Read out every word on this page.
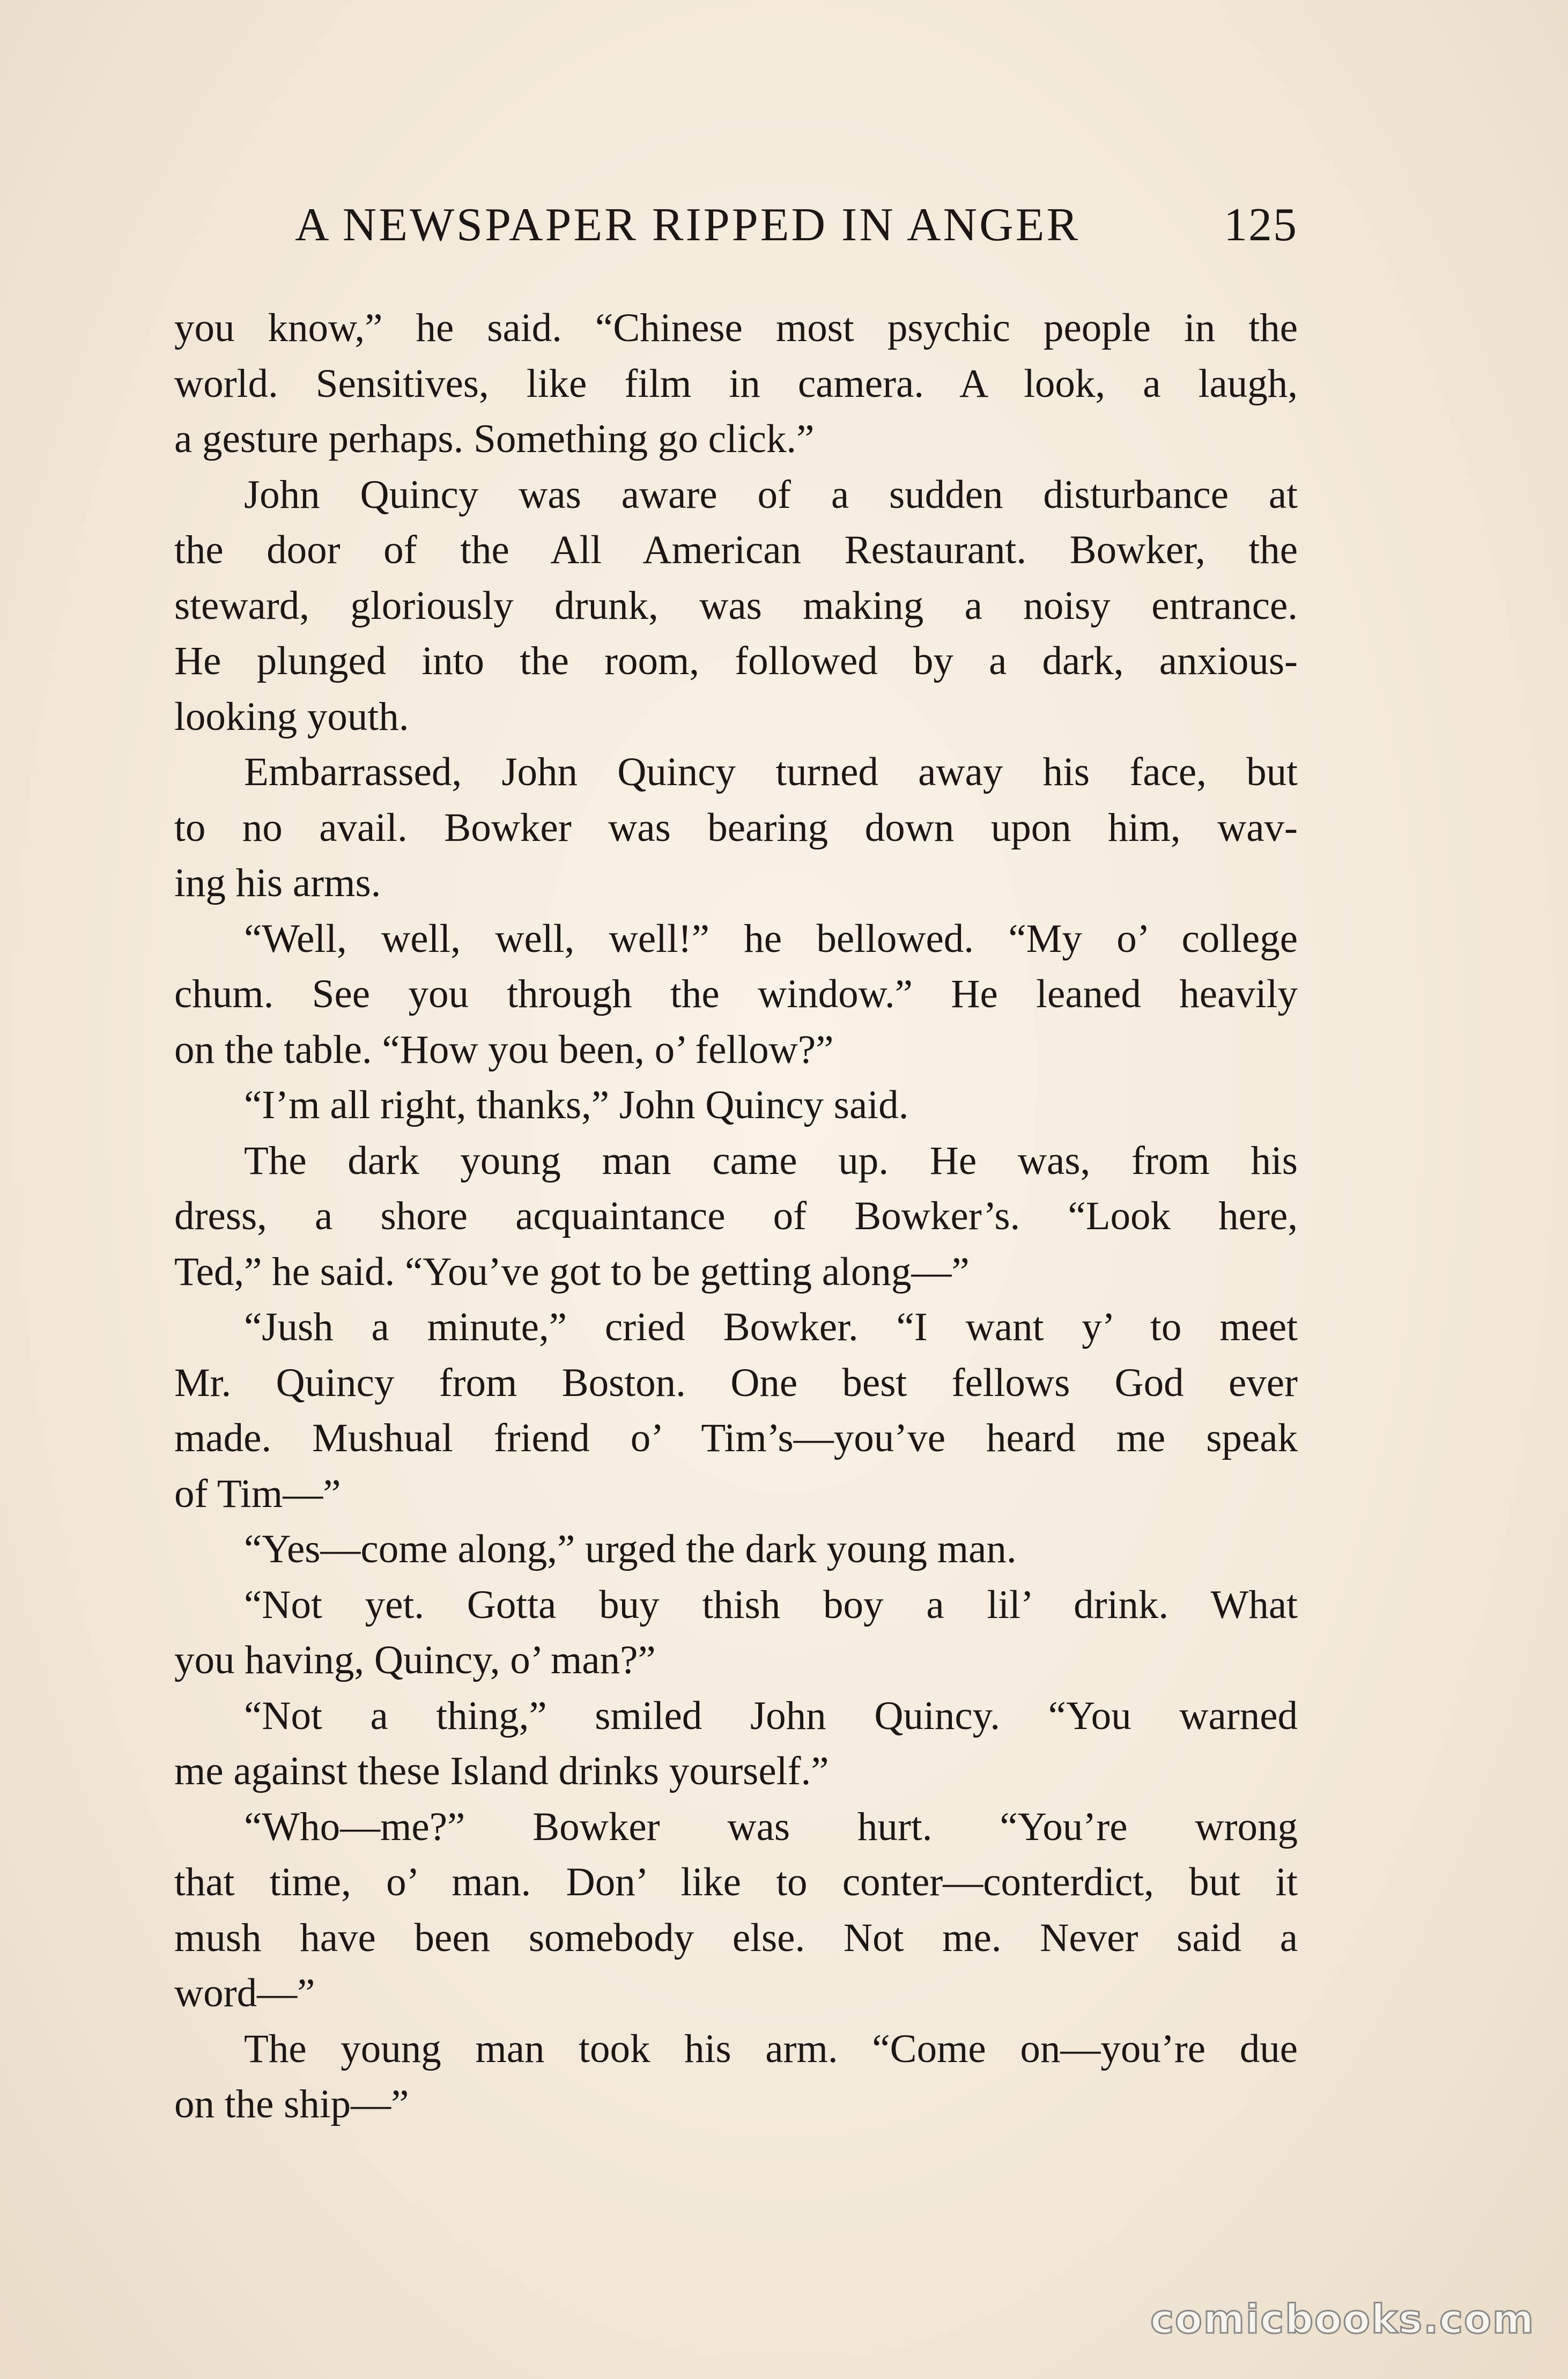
A NEWSPAPER RIPPED IN ANGER	125
you know,” he said. “Chinese most psychic people in the
world. Sensitives, like film in camera. A look, a laugh,
a gesture perhaps. Something go click.”
John Quincy was aware of a sudden disturbance at
the door of the All American Restaurant. Bowker, the
steward, gloriously drunk, was making a noisy entrance.
He plunged into the room, followed by a dark, anxious-
looking youth.
Embarrassed, John Quincy turned away his face, but
to no avail. Bowker was bearing down upon him, wav-
ing his arms.
“Well, well, well, well!” he bellowed. “My o’ college
chum. See you through the window.” He leaned heavily
on the table. “How you been, o’ fellow?”
“I’m all right, thanks,” John Quincy said.
The dark young man came up. He was, from his
dress, a shore acquaintance of Bowker’s. “Look here,
Ted,” he said. “You’ve got to be getting along—”
“Jush a minute,” cried Bowker. “I want y’ to meet
Mr. Quincy from Boston. One best fellows God ever
made. Mushual friend o’ Tim’s—you’ve heard me speak
of Tim—”
“Yes—come along,” urged the dark young man.
“Not yet. Gotta buy thish boy a lil’ drink. What
you having, Quincy, o’ man?”
“Not a thing,” smiled John Quincy. “You warned
me against these Island drinks yourself.”
“Who—me?” Bowker was hurt. “You’re wrong
that time, o’ man. Don’ like to conter—conterdict, but it
mush have been somebody else. Not me. Never said a
word—”
The young man took his arm. “Come on—you’re due
on the ship—”
comicbooks.com
